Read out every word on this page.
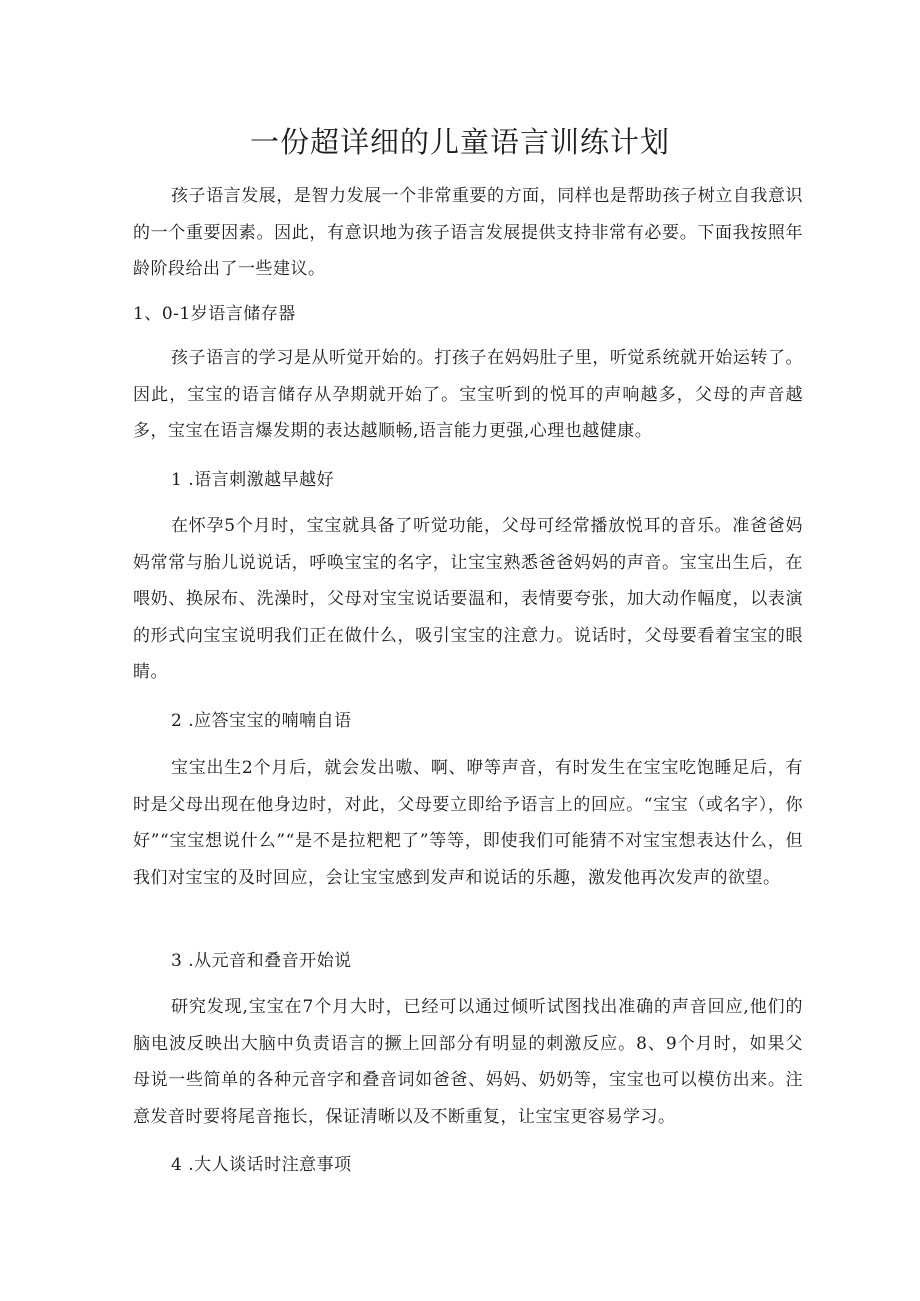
一份超详细的儿童语言训练计划

孩子语言发展，是智力发展一个非常重要的方面，同样也是帮助孩子树立自我意识的一个重要因素。因此，有意识地为孩子语言发展提供支持非常有必要。下面我按照年龄阶段给出了一些建议。

1、0-1岁语言储存器

孩子语言的学习是从听觉开始的。打孩子在妈妈肚子里，听觉系统就开始运转了。因此，宝宝的语言储存从孕期就开始了。宝宝听到的悦耳的声响越多，父母的声音越多，宝宝在语言爆发期的表达越顺畅,语言能力更强,心理也越健康。

1 .语言刺激越早越好

在怀孕5个月时，宝宝就具备了听觉功能，父母可经常播放悦耳的音乐。准爸爸妈妈常常与胎儿说说话，呼唤宝宝的名字，让宝宝熟悉爸爸妈妈的声音。宝宝出生后，在喂奶、换尿布、洗澡时，父母对宝宝说话要温和，表情要夸张，加大动作幅度，以表演的形式向宝宝说明我们正在做什么，吸引宝宝的注意力。说话时，父母要看着宝宝的眼睛。

2 .应答宝宝的喃喃自语

宝宝出生2个月后，就会发出嗷、啊、咿等声音，有时发生在宝宝吃饱睡足后，有时是父母出现在他身边时，对此，父母要立即给予语言上的回应。“宝宝（或名字），你好”“宝宝想说什么”“是不是拉粑粑了”等等，即使我们可能猜不对宝宝想表达什么，但我们对宝宝的及时回应，会让宝宝感到发声和说话的乐趣，激发他再次发声的欲望。

3 .从元音和叠音开始说

研究发现,宝宝在7个月大时，已经可以通过倾听试图找出准确的声音回应,他们的脑电波反映出大脑中负责语言的撅上回部分有明显的刺激反应。8、9个月时，如果父母说一些简单的各种元音字和叠音词如爸爸、妈妈、奶奶等，宝宝也可以模仿出来。注意发音时要将尾音拖长，保证清晰以及不断重复，让宝宝更容易学习。

4 .大人谈话时注意事项
